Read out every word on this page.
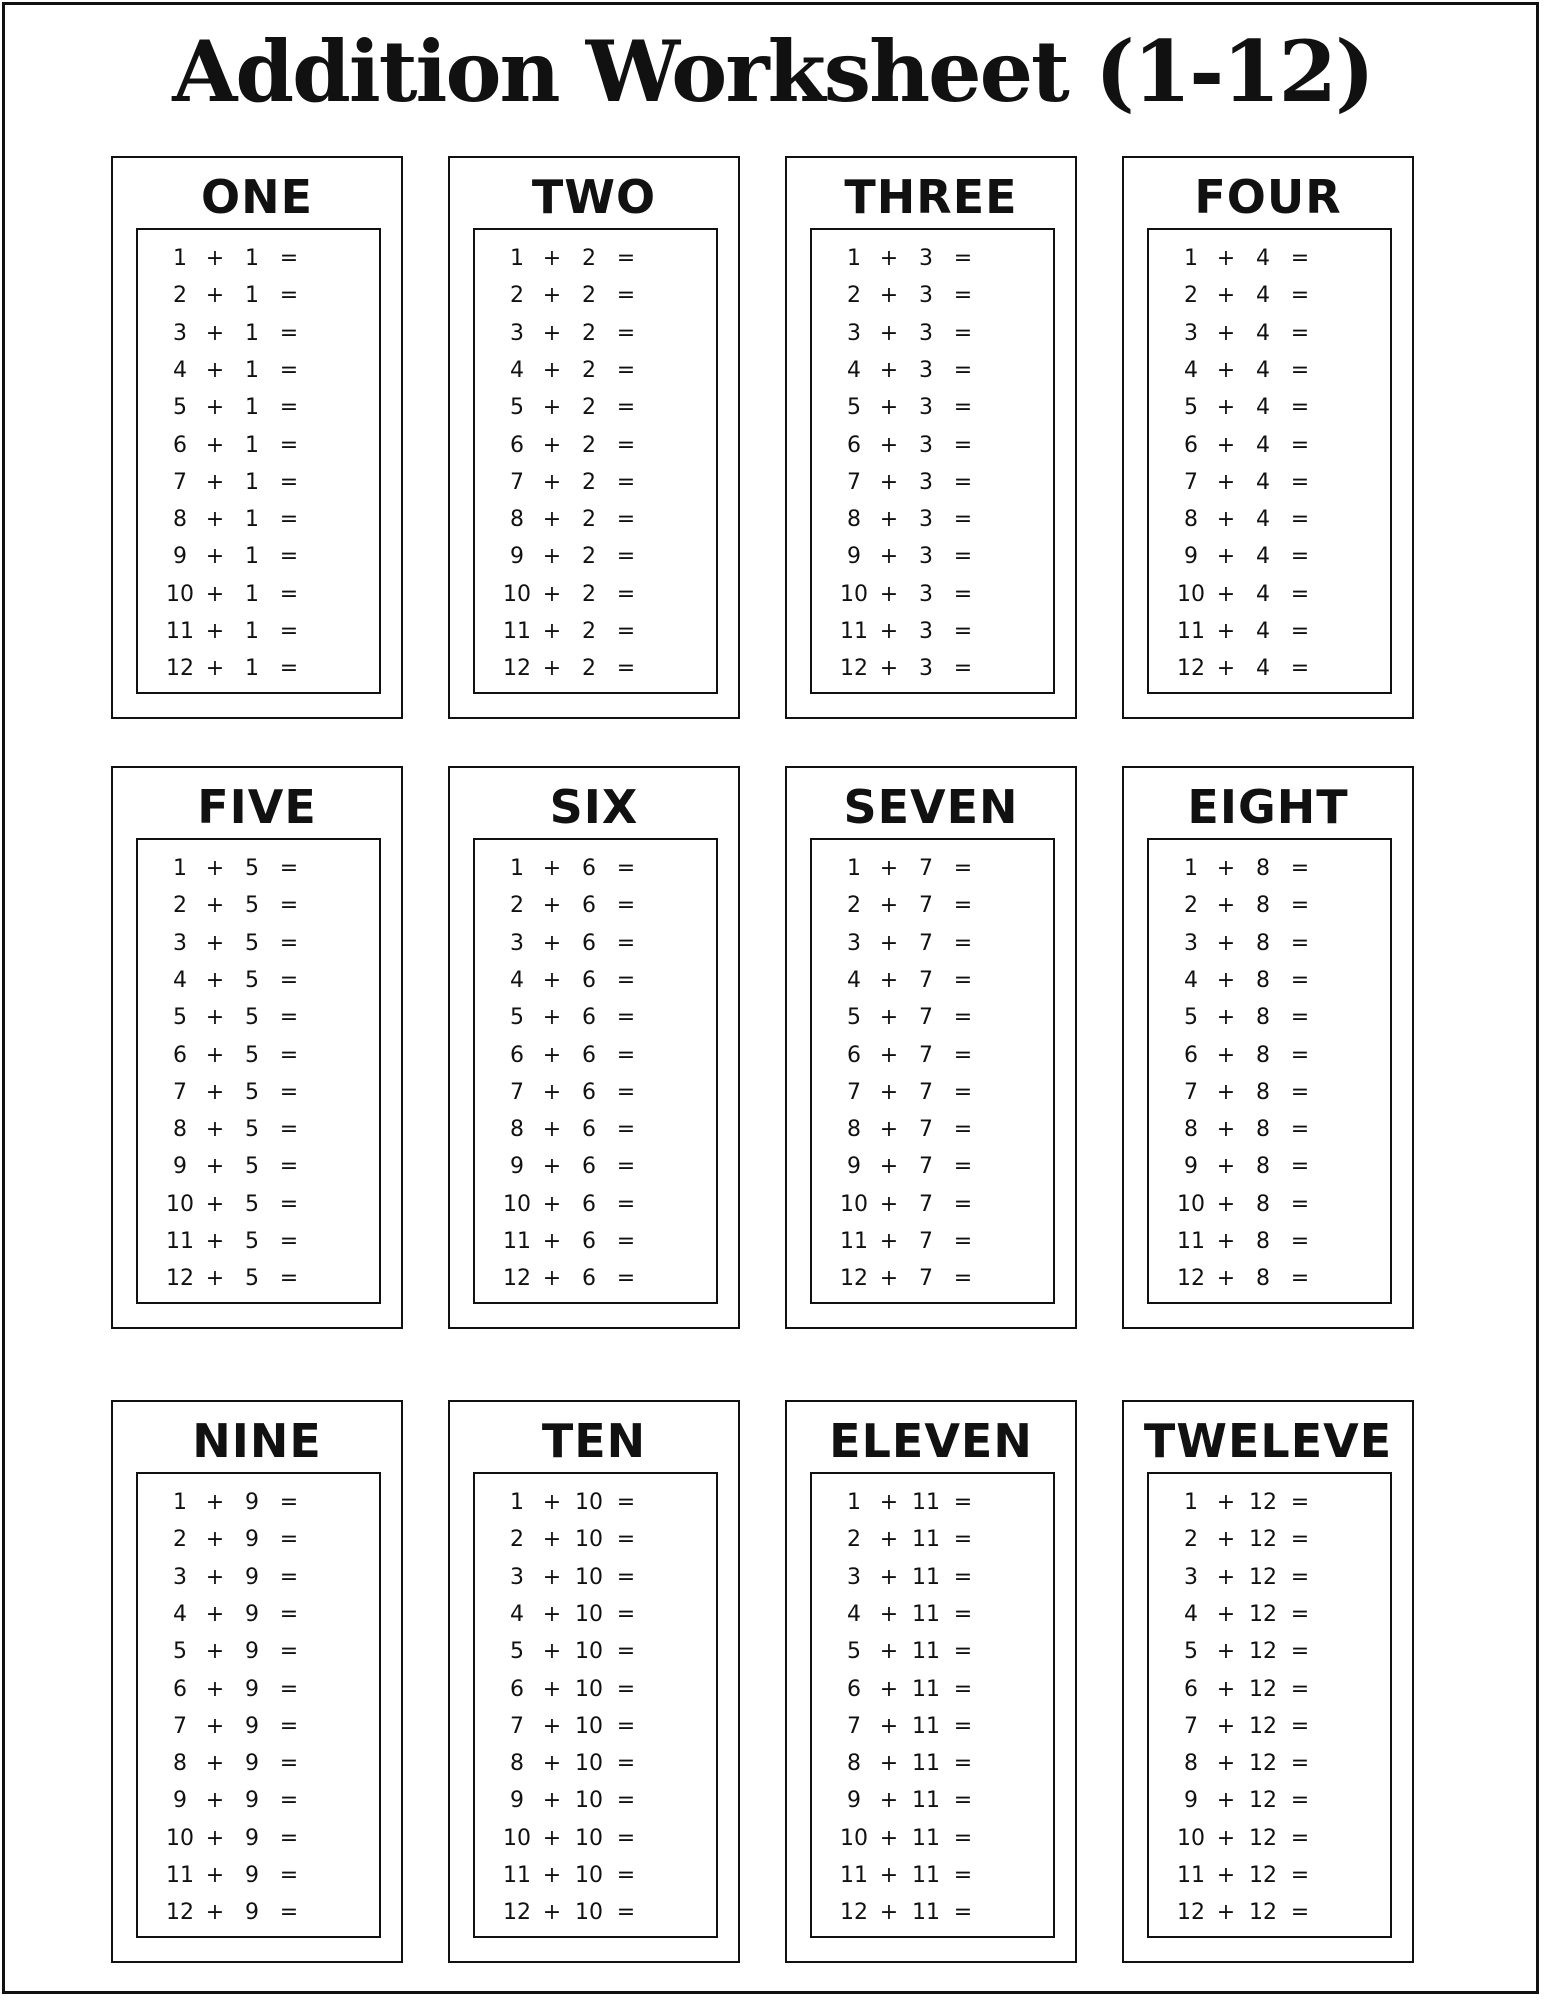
Addition Worksheet (1-12)
ONE
1 + 1 =
2 + 1 =
3 + 1 =
4 + 1 =
5 + 1 =
6 + 1 =
7 + 1 =
8 + 1 =
9 + 1 =
10 + 1 =
11 + 1 =
12 + 1 =
TWO
1 + 2 =
2 + 2 =
3 + 2 =
4 + 2 =
5 + 2 =
6 + 2 =
7 + 2 =
8 + 2 =
9 + 2 =
10 + 2 =
11 + 2 =
12 + 2 =
THREE
1 + 3 =
2 + 3 =
3 + 3 =
4 + 3 =
5 + 3 =
6 + 3 =
7 + 3 =
8 + 3 =
9 + 3 =
10 + 3 =
11 + 3 =
12 + 3 =
FOUR
1 + 4 =
2 + 4 =
3 + 4 =
4 + 4 =
5 + 4 =
6 + 4 =
7 + 4 =
8 + 4 =
9 + 4 =
10 + 4 =
11 + 4 =
12 + 4 =
FIVE
1 + 5 =
2 + 5 =
3 + 5 =
4 + 5 =
5 + 5 =
6 + 5 =
7 + 5 =
8 + 5 =
9 + 5 =
10 + 5 =
11 + 5 =
12 + 5 =
SIX
1 + 6 =
2 + 6 =
3 + 6 =
4 + 6 =
5 + 6 =
6 + 6 =
7 + 6 =
8 + 6 =
9 + 6 =
10 + 6 =
11 + 6 =
12 + 6 =
SEVEN
1 + 7 =
2 + 7 =
3 + 7 =
4 + 7 =
5 + 7 =
6 + 7 =
7 + 7 =
8 + 7 =
9 + 7 =
10 + 7 =
11 + 7 =
12 + 7 =
EIGHT
1 + 8 =
2 + 8 =
3 + 8 =
4 + 8 =
5 + 8 =
6 + 8 =
7 + 8 =
8 + 8 =
9 + 8 =
10 + 8 =
11 + 8 =
12 + 8 =
NINE
1 + 9 =
2 + 9 =
3 + 9 =
4 + 9 =
5 + 9 =
6 + 9 =
7 + 9 =
8 + 9 =
9 + 9 =
10 + 9 =
11 + 9 =
12 + 9 =
TEN
1 + 10 =
2 + 10 =
3 + 10 =
4 + 10 =
5 + 10 =
6 + 10 =
7 + 10 =
8 + 10 =
9 + 10 =
10 + 10 =
11 + 10 =
12 + 10 =
ELEVEN
1 + 11 =
2 + 11 =
3 + 11 =
4 + 11 =
5 + 11 =
6 + 11 =
7 + 11 =
8 + 11 =
9 + 11 =
10 + 11 =
11 + 11 =
12 + 11 =
TWELEVE
1 + 12 =
2 + 12 =
3 + 12 =
4 + 12 =
5 + 12 =
6 + 12 =
7 + 12 =
8 + 12 =
9 + 12 =
10 + 12 =
11 + 12 =
12 + 12 =
